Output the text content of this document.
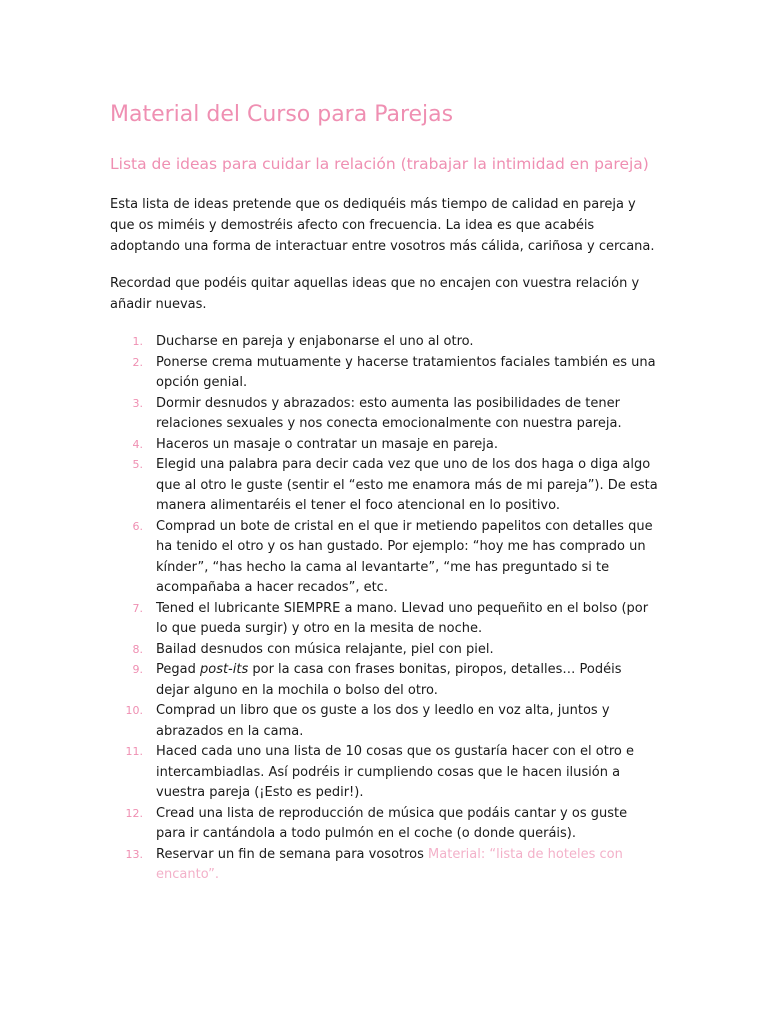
Material del Curso para Parejas
Lista de ideas para cuidar la relación (trabajar la intimidad en pareja)

Esta lista de ideas pretende que os dediquéis más tiempo de calidad en pareja y que os miméis y demostréis afecto con frecuencia. La idea es que acabéis adoptando una forma de interactuar entre vosotros más cálida, cariñosa y cercana.

Recordad que podéis quitar aquellas ideas que no encajen con vuestra relación y añadir nuevas.

1. Ducharse en pareja y enjabonarse el uno al otro.
2. Ponerse crema mutuamente y hacerse tratamientos faciales también es una opción genial.
3. Dormir desnudos y abrazados: esto aumenta las posibilidades de tener relaciones sexuales y nos conecta emocionalmente con nuestra pareja.
4. Haceros un masaje o contratar un masaje en pareja.
5. Elegid una palabra para decir cada vez que uno de los dos haga o diga algo que al otro le guste (sentir el “esto me enamora más de mi pareja”). De esta manera alimentaréis el tener el foco atencional en lo positivo.
6. Comprad un bote de cristal en el que ir metiendo papelitos con detalles que ha tenido el otro y os han gustado. Por ejemplo: “hoy me has comprado un kínder”, “has hecho la cama al levantarte”, “me has preguntado si te acompañaba a hacer recados”, etc.
7. Tened el lubricante SIEMPRE a mano. Llevad uno pequeñito en el bolso (por lo que pueda surgir) y otro en la mesita de noche.
8. Bailad desnudos con música relajante, piel con piel.
9. Pegad post-its por la casa con frases bonitas, piropos, detalles… Podéis dejar alguno en la mochila o bolso del otro.
10. Comprad un libro que os guste a los dos y leedlo en voz alta, juntos y abrazados en la cama.
11. Haced cada uno una lista de 10 cosas que os gustaría hacer con el otro e intercambiadlas. Así podréis ir cumpliendo cosas que le hacen ilusión a vuestra pareja (¡Esto es pedir!).
12. Cread una lista de reproducción de música que podáis cantar y os guste para ir cantándola a todo pulmón en el coche (o donde queráis).
13. Reservar un fin de semana para vosotros Material: “lista de hoteles con encanto”.
